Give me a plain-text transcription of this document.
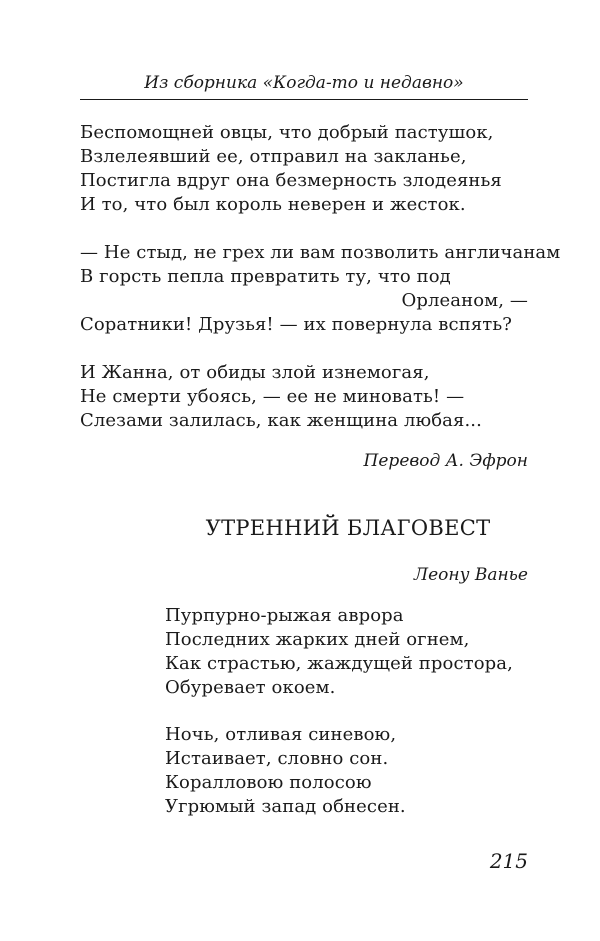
Из сборника «Когда-то и недавно»
Беспомощней овцы, что добрый пастушок,
Взлелеявший ее, отправил на закланье,
Постигла вдруг она безмерность злодеянья
И то, что был король неверен и жесток.
— Не стыд, не грех ли вам позволить англичанам
В горсть пепла превратить ту, что под
Орлеаном, —
Соратники! Друзья! — их повернула вспять?
И Жанна, от обиды злой изнемогая,
Не смерти убоясь, — ее не миновать! —
Слезами залилась, как женщина любая...
Перевод А. Эфрон
УТРЕННИЙ БЛАГОВЕСТ
Леону Ванье
Пурпурно-рыжая аврора
Последних жарких дней огнем,
Как страстью, жаждущей простора,
Обуревает окоем.
Ночь, отливая синевою,
Истаивает, словно сон.
Коралловою полосою
Угрюмый запад обнесен.
215
